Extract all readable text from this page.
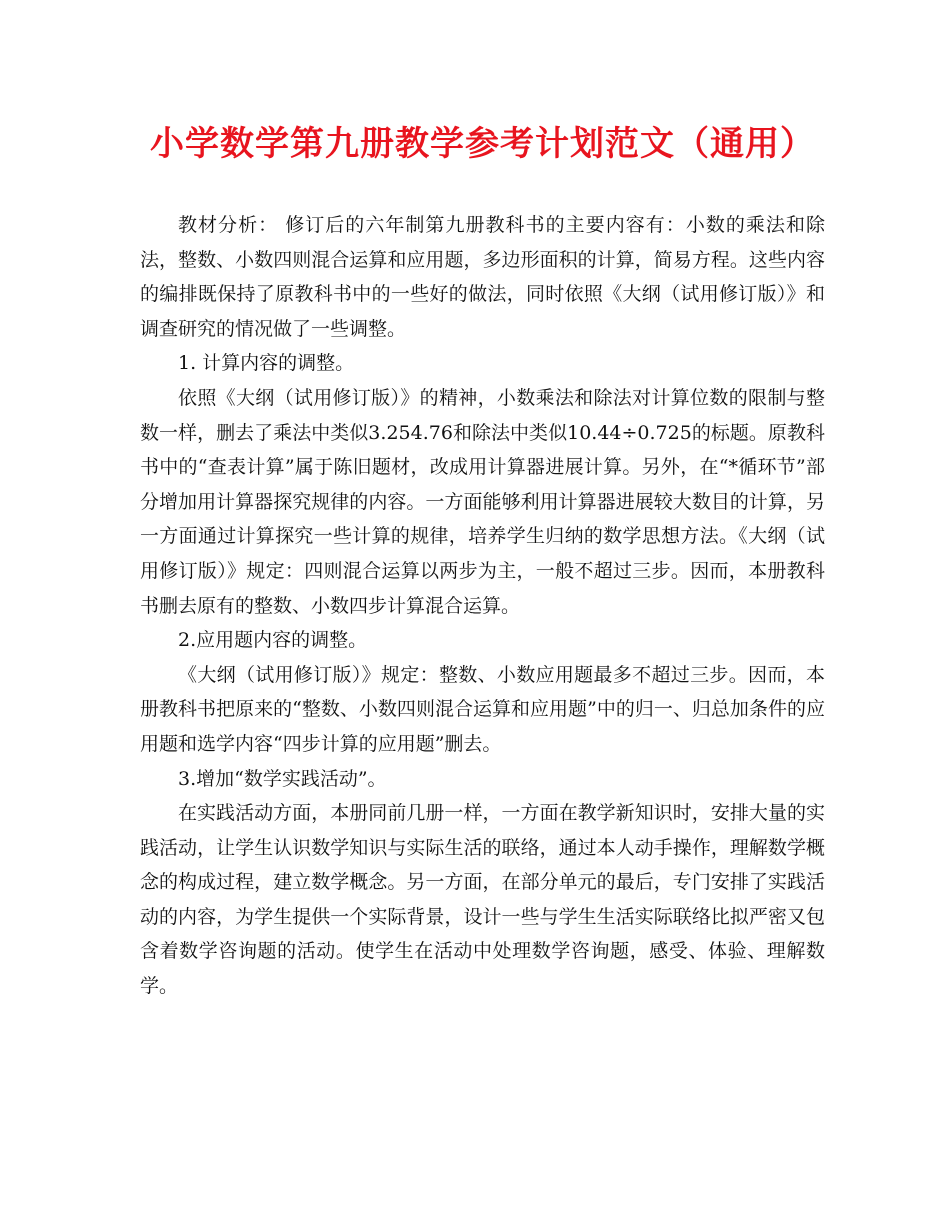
小学数学第九册教学参考计划范文（通用）

教材分析： 修订后的六年制第九册教科书的主要内容有：小数的乘法和除法，整数、小数四则混合运算和应用题，多边形面积的计算，简易方程。这些内容的编排既保持了原教科书中的一些好的做法，同时依照《大纲（试用修订版）》和调查研究的情况做了一些调整。

1. 计算内容的调整。

依照《大纲（试用修订版）》的精神，小数乘法和除法对计算位数的限制与整数一样，删去了乘法中类似3.254.76和除法中类似10.44÷0.725的标题。原教科书中的“查表计算”属于陈旧题材，改成用计算器进展计算。另外，在“*循环节”部分增加用计算器探究规律的内容。一方面能够利用计算器进展较大数目的计算，另一方面通过计算探究一些计算的规律，培养学生归纳的数学思想方法。《大纲（试用修订版）》规定：四则混合运算以两步为主，一般不超过三步。因而，本册教科书删去原有的整数、小数四步计算混合运算。

2.应用题内容的调整。

《大纲（试用修订版）》规定：整数、小数应用题最多不超过三步。因而，本册教科书把原来的“整数、小数四则混合运算和应用题”中的归一、归总加条件的应用题和选学内容“四步计算的应用题”删去。

3.增加“数学实践活动”。

在实践活动方面，本册同前几册一样，一方面在教学新知识时，安排大量的实践活动，让学生认识数学知识与实际生活的联络，通过本人动手操作，理解数学概念的构成过程，建立数学概念。另一方面，在部分单元的最后，专门安排了实践活动的内容，为学生提供一个实际背景，设计一些与学生生活实际联络比拟严密又包含着数学咨询题的活动。使学生在活动中处理数学咨询题，感受、体验、理解数学。
